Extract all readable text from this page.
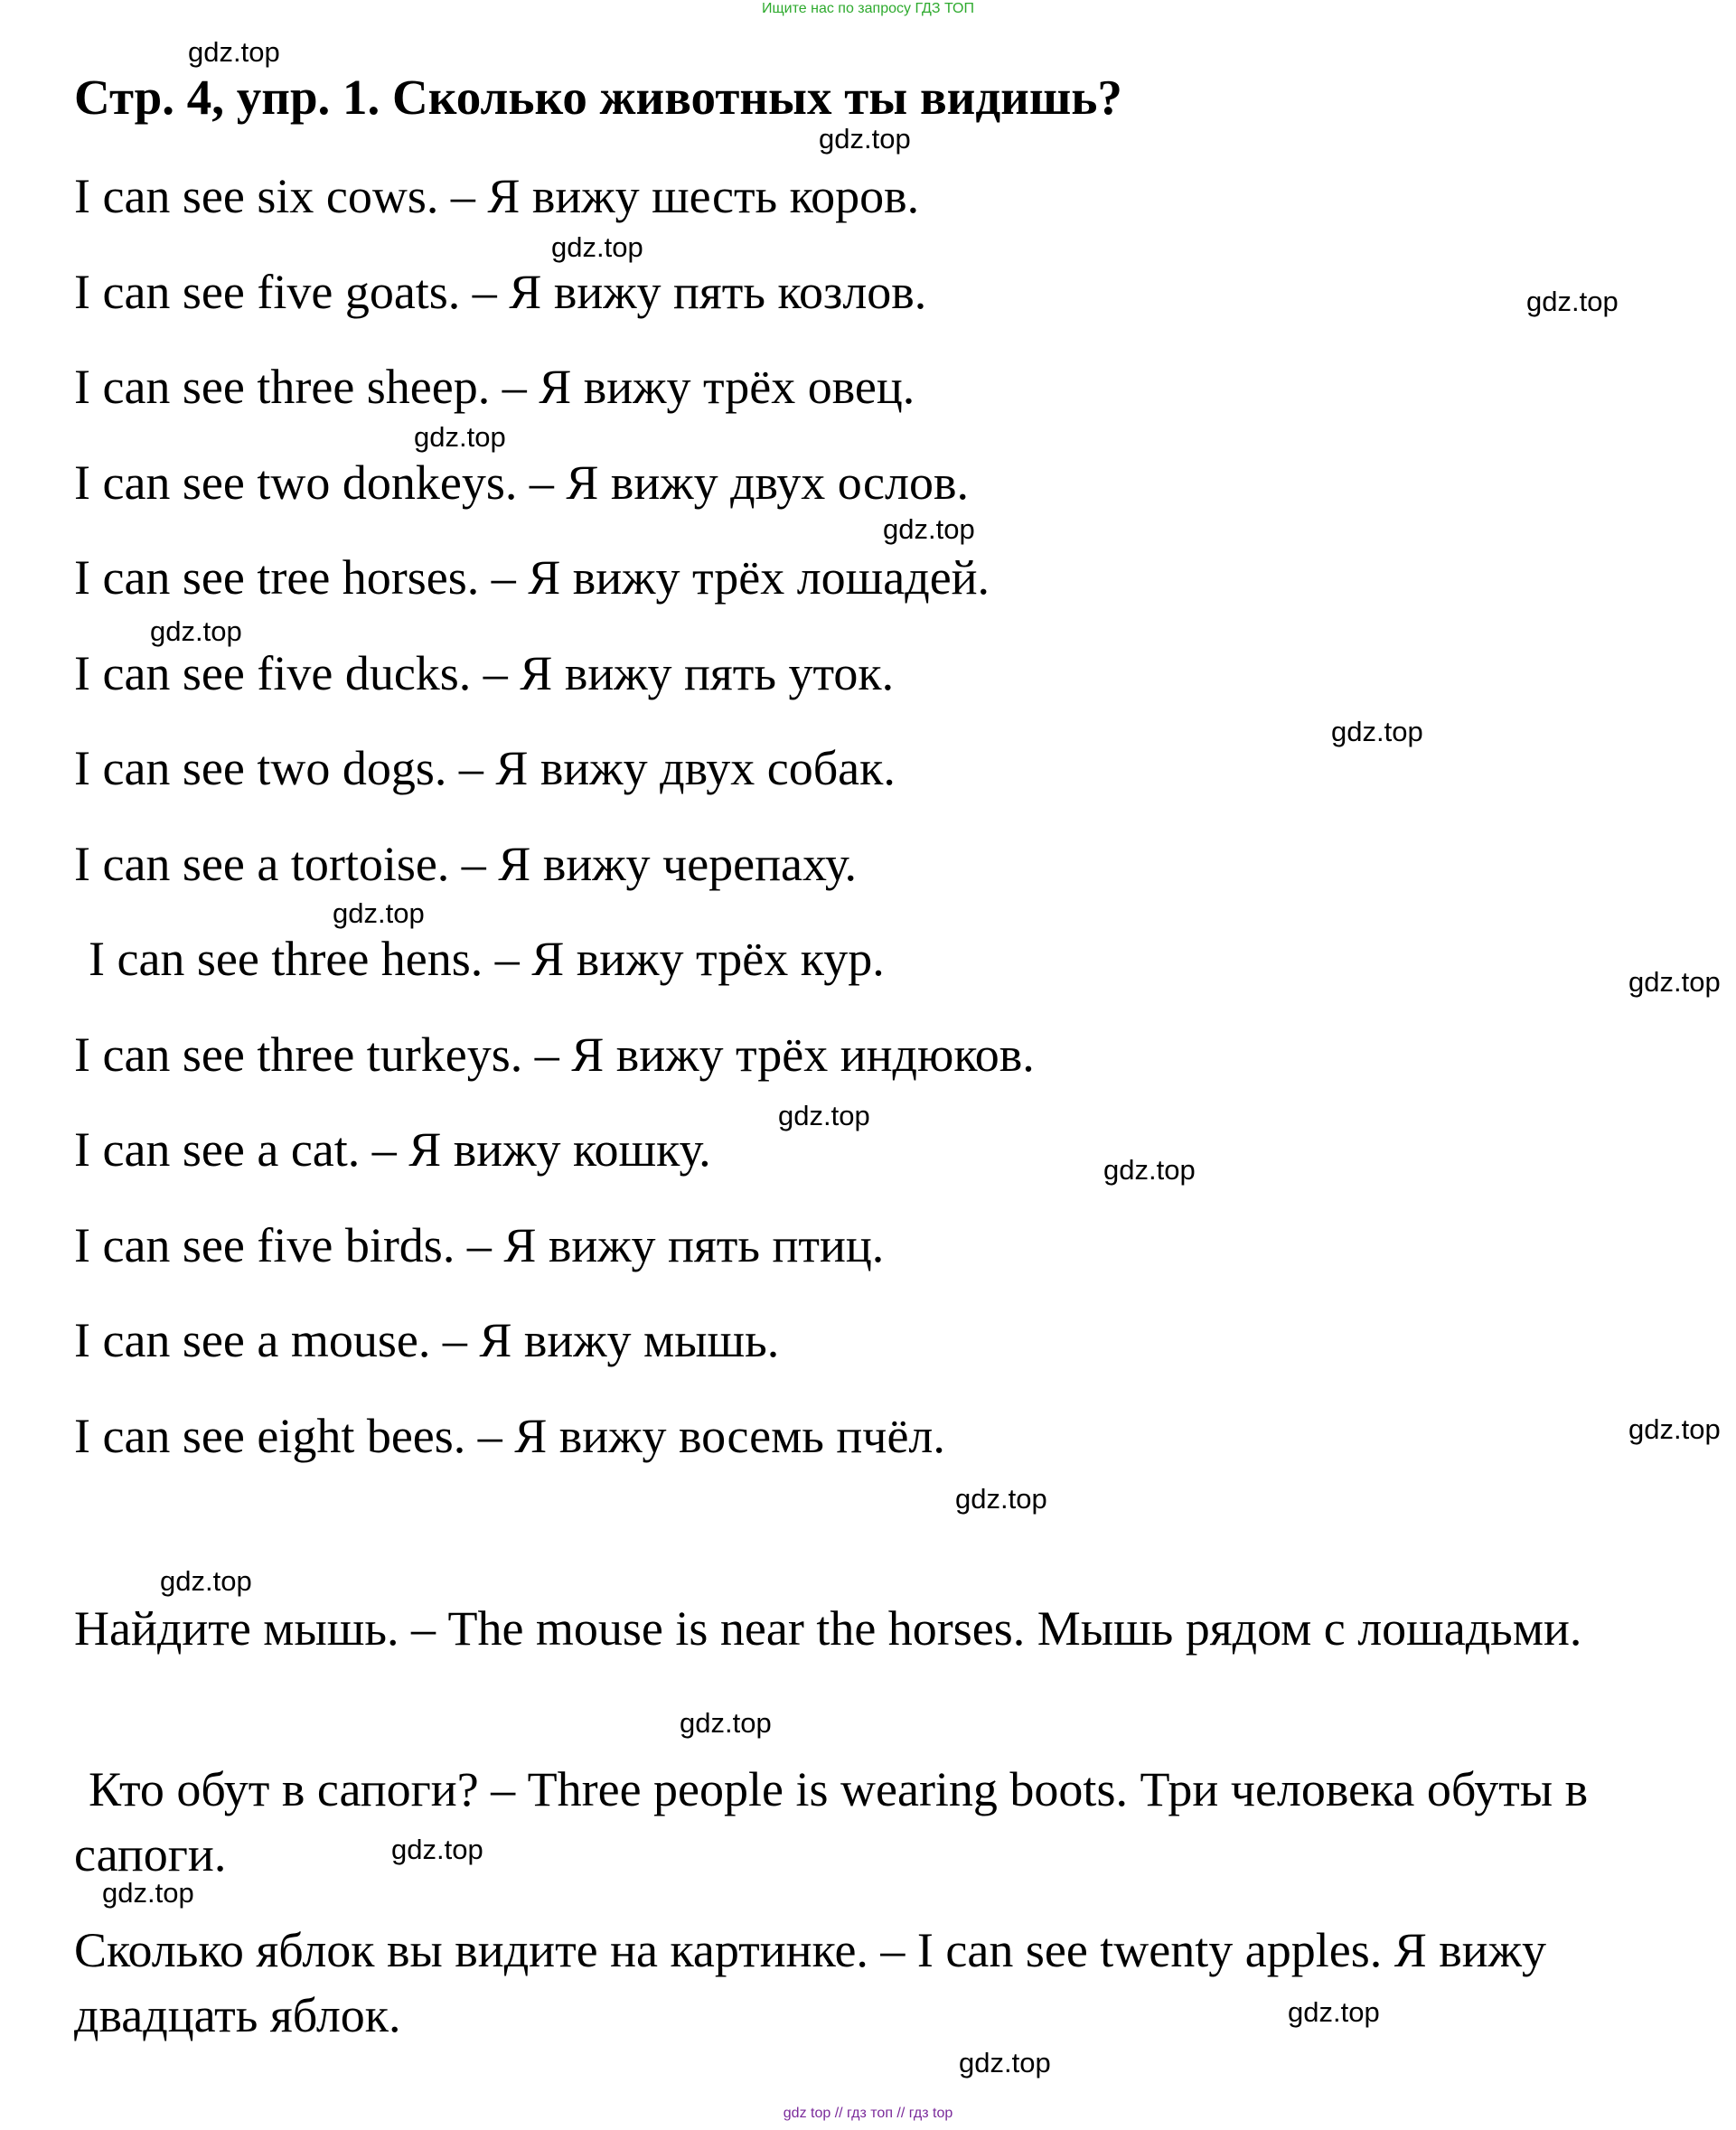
Ищите нас по запросу ГДЗ ТОП
Стр. 4, упр. 1. Сколько животных ты видишь?
I can see six cows. – Я вижу шесть коров.
I can see five goats. – Я вижу пять козлов.
I can see three sheep. – Я вижу трёх овец.
I can see two donkeys. – Я вижу двух ослов.
I can see tree horses. – Я вижу трёх лошадей.
I can see five ducks. – Я вижу пять уток.
I can see two dogs. – Я вижу двух собак.
I can see a tortoise. – Я вижу черепаху.
I can see three hens. – Я вижу трёх кур.
I can see three turkeys. – Я вижу трёх индюков.
I can see a cat. – Я вижу кошку.
I can see five birds. – Я вижу пять птиц.
I can see a mouse. – Я вижу мышь.
I can see eight bees. – Я вижу восемь пчёл.
Найдите мышь. – The mouse is near the horses. Мышь рядом с лошадьми.
Кто обут в сапоги? – Three people is wearing boots. Три человека обуты в сапоги.
Сколько яблок вы видите на картинке. – I can see twenty apples. Я вижу двадцать яблок.
gdz.top
gdz.top
gdz.top
gdz.top
gdz.top
gdz.top
gdz.top
gdz.top
gdz.top
gdz.top
gdz.top
gdz.top
gdz.top
gdz.top
gdz.top
gdz.top
gdz.top
gdz.top
gdz.top
gdz.top
gdz top // гдз топ // гдз top
